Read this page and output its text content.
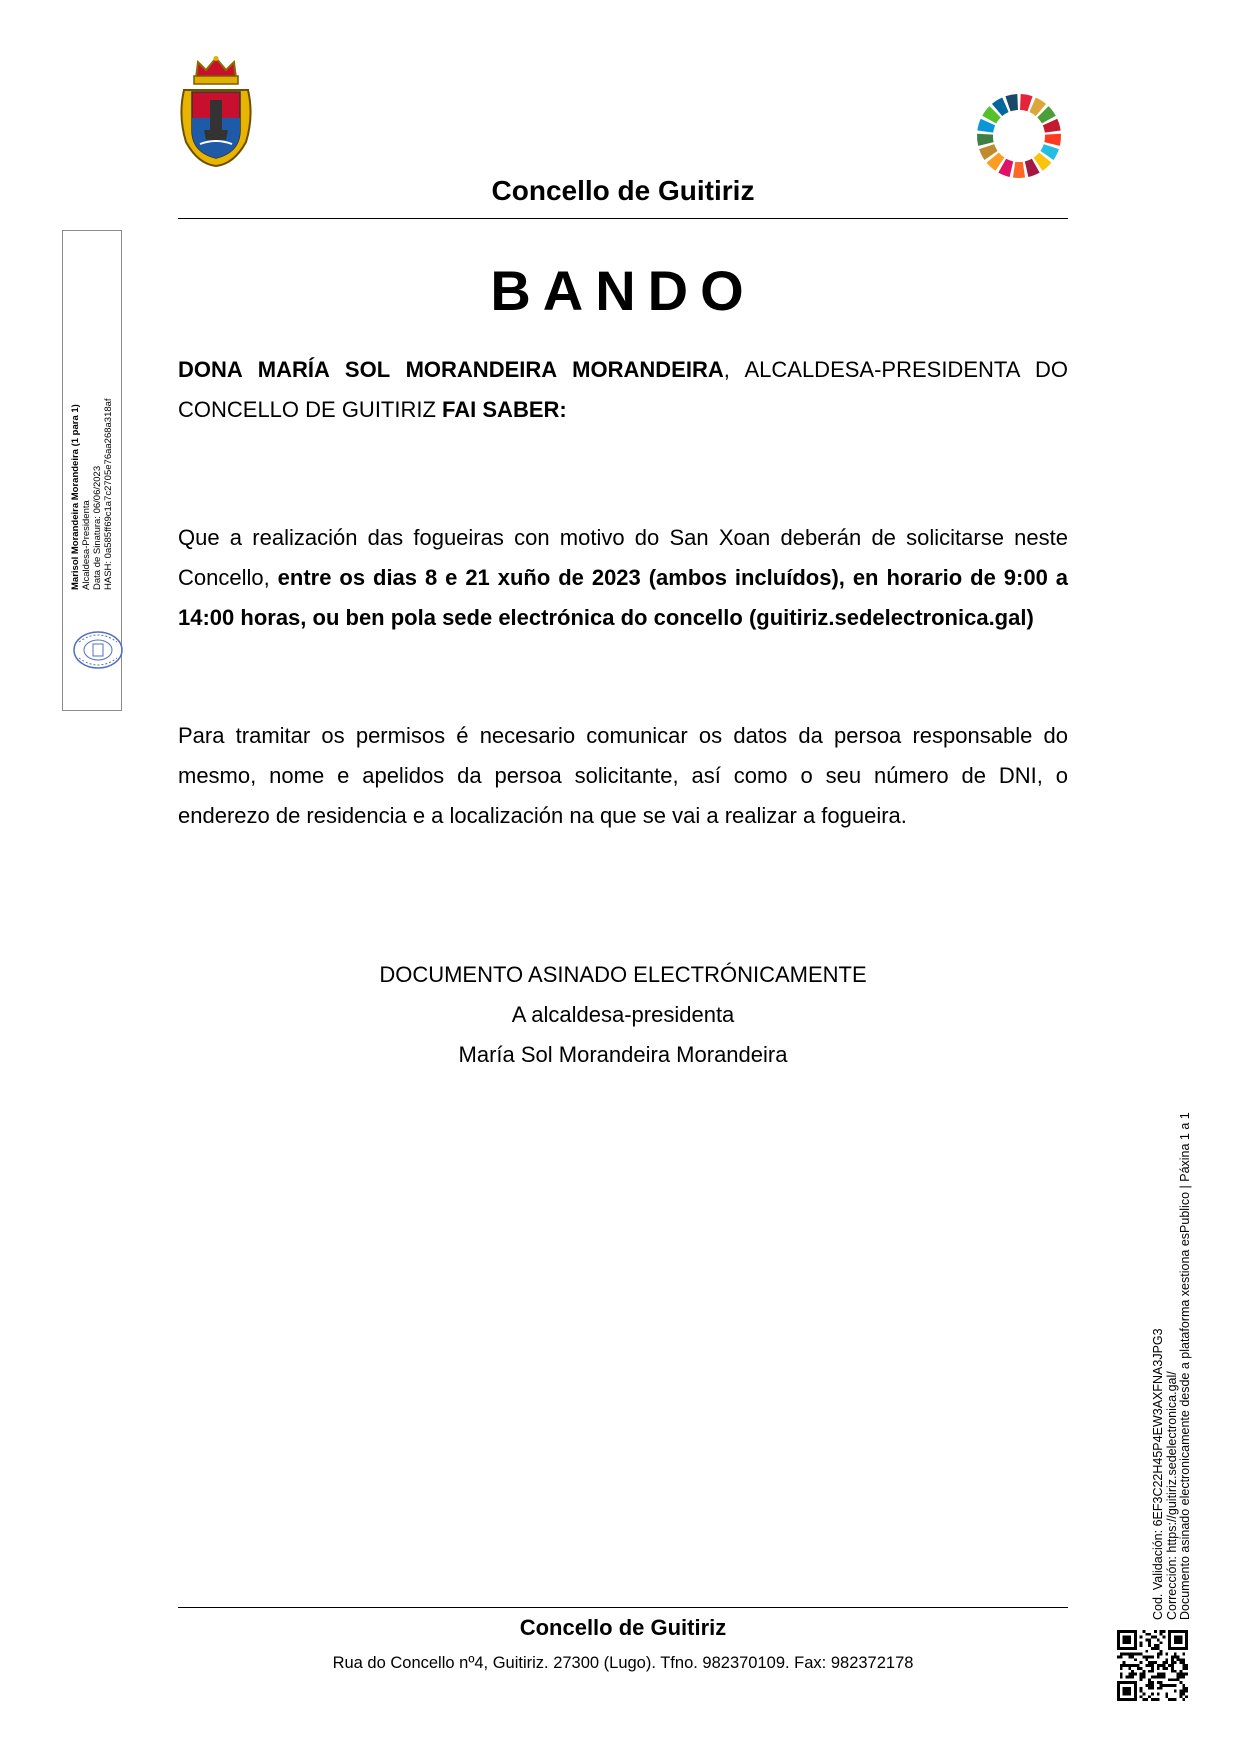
Concello de Guitiriz
Marisol Morandeira Morandeira (1 para 1) Alcaldesa-Presidenta Data de Sinatura: 06/06/2023 HASH: 0a585ff69c1a7c2705e76aa268a318af
BANDO
DONA MARÍA SOL MORANDEIRA MORANDEIRA, ALCALDESA-PRESIDENTA DO CONCELLO DE GUITIRIZ FAI SABER:
Que a realización das fogueiras con motivo do San Xoan deberán de solicitarse neste Concello, entre os dias 8 e 21 xuño de 2023 (ambos incluídos), en horario de 9:00 a 14:00 horas, ou ben pola sede electrónica do concello (guitiriz.sedelectronica.gal)
Para tramitar os permisos é necesario comunicar os datos da persoa responsable do mesmo, nome e apelidos da persoa solicitante, así como o seu número de DNI, o enderezo de residencia e a localización na que se vai a realizar a fogueira.
DOCUMENTO ASINADO ELECTRÓNICAMENTE
A alcaldesa-presidenta
María Sol Morandeira Morandeira
Cod. Validación: 6EF3C22H45P4EW3AXFNA3JPG3 Corrección: https://guitiriz.sedelectronica.gal/ Documento asinado electronicamente desde a plataforma xestiona esPublico | Páxina 1 a 1
Concello de Guitiriz
Rua do Concello nº4, Guitiriz. 27300 (Lugo). Tfno. 982370109. Fax: 982372178
